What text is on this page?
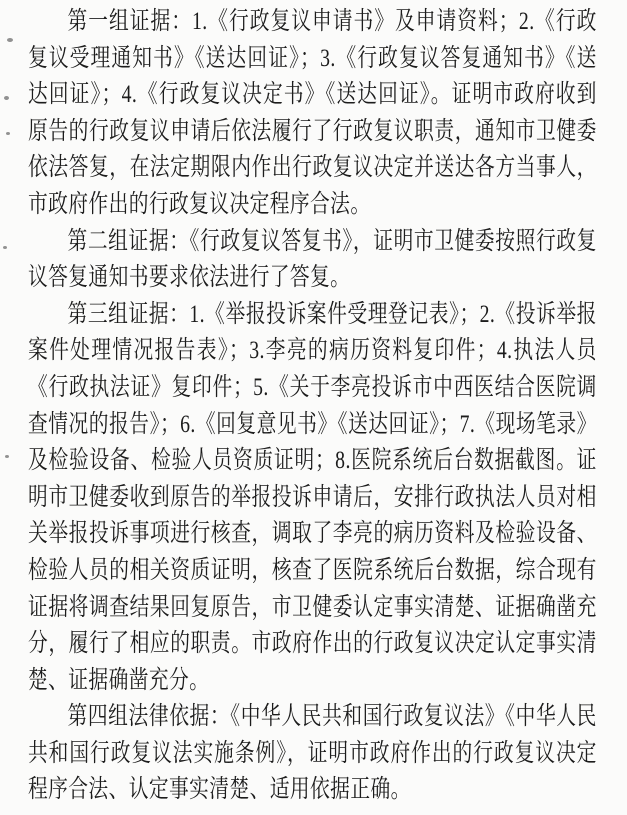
第一组证据：1.《行政复议申请书》及申请资料；2.《行政复议受理通知书》《送达回证》；3.《行政复议答复通知书》《送达回证》；4.《行政复议决定书》《送达回证》。证明市政府收到原告的行政复议申请后依法履行了行政复议职责，通知市卫健委依法答复，在法定期限内作出行政复议决定并送达各方当事人，市政府作出的行政复议决定程序合法。

第二组证据：《行政复议答复书》，证明市卫健委按照行政复议答复通知书要求依法进行了答复。

第三组证据：1.《举报投诉案件受理登记表》；2.《投诉举报案件处理情况报告表》；3.李亮的病历资料复印件；4.执法人员《行政执法证》复印件；5.《关于李亮投诉市中西医结合医院调查情况的报告》；6.《回复意见书》《送达回证》；7.《现场笔录》及检验设备、检验人员资质证明；8.医院系统后台数据截图。证明市卫健委收到原告的举报投诉申请后，安排行政执法人员对相关举报投诉事项进行核查，调取了李亮的病历资料及检验设备、检验人员的相关资质证明，核查了医院系统后台数据，综合现有证据将调查结果回复原告，市卫健委认定事实清楚、证据确凿充分，履行了相应的职责。市政府作出的行政复议决定认定事实清楚、证据确凿充分。

第四组法律依据：《中华人民共和国行政复议法》《中华人民共和国行政复议法实施条例》，证明市政府作出的行政复议决定程序合法、认定事实清楚、适用依据正确。
